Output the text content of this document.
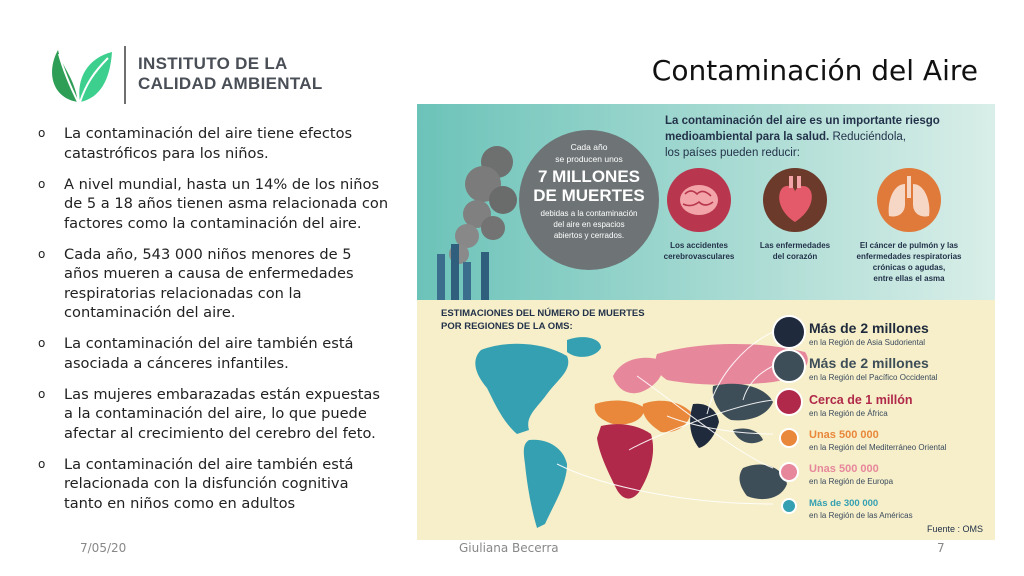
INSTITUTO DE LA
CALIDAD AMBIENTAL	Contaminación del Aire
o La contaminación del aire tiene efectos catastróficos para los niños.
o A nivel mundial, hasta un 14% de los niños de 5 a 18 años tienen asma relacionada con factores como la contaminación del aire.
o Cada año, 543 000 niños menores de 5 años mueren a causa de enfermedades respiratorias relacionadas con la contaminación del aire.
o La contaminación del aire también está asociada a cánceres infantiles.
o Las mujeres embarazadas están expuestas a la contaminación del aire, lo que puede afectar al crecimiento del cerebro del feto.
o La contaminación del aire también está relacionada con la disfunción cognitiva tanto en niños como en adultos
Cada año
se producen unos
7 MILLONES
DE MUERTES
debidas a la contaminación
del aire en espacios
abiertos y cerrados.
La contaminación del aire es un importante riesgo
medioambiental para la salud. Reduciéndola,
los países pueden reducir:
Los accidentes
cerebrovasculares
Las enfermedades
del corazón
El cáncer de pulmón y las
enfermedades respiratorias
crónicas o agudas,
entre ellas el asma
ESTIMACIONES DEL NÚMERO DE MUERTES
POR REGIONES DE LA OMS:	Más de 2 millones
en la Región de Asia Sudoriental
Más de 2 millones
en la Región del Pacífico Occidental
Cerca de 1 millón
en la Región de África
Unas 500 000
en la Región del Mediterráneo Oriental
Unas 500 000
en la Región de Europa
Más de 300 000
en la Región de las Américas
Fuente : OMS
7/05/20	Giuliana Becerra	7
